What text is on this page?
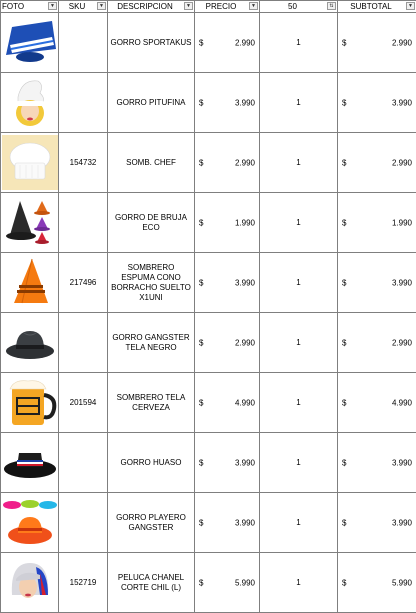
FOTO ▼	SKU ▼	DESCRIPCION ▼	PRECIO ▼	50 ⇅	SUBTOTAL ▼

		GORRO SPORTAKUS	$ 2.990	1	$ 2.990

		GORRO PITUFINA	$ 3.990	1	$ 3.990

	154732	SOMB. CHEF	$ 2.990	1	$ 2.990

		GORRO DE BRUJA ECO	$ 1.990	1	$ 1.990

	217496	SOMBRERO ESPUMA CONO BORRACHO SUELTO X1UNI	$ 3.990	1	$ 3.990

		GORRO GANGSTER TELA NEGRO	$ 2.990	1	$ 2.990

	201594	SOMBRERO TELA CERVEZA	$ 4.990	1	$ 4.990

		GORRO HUASO	$ 3.990	1	$ 3.990

		GORRO PLAYERO GANGSTER	$ 3.990	1	$ 3.990

	152719	PELUCA CHANEL CORTE CHIL (L)	$ 5.990	1	$ 5.990
